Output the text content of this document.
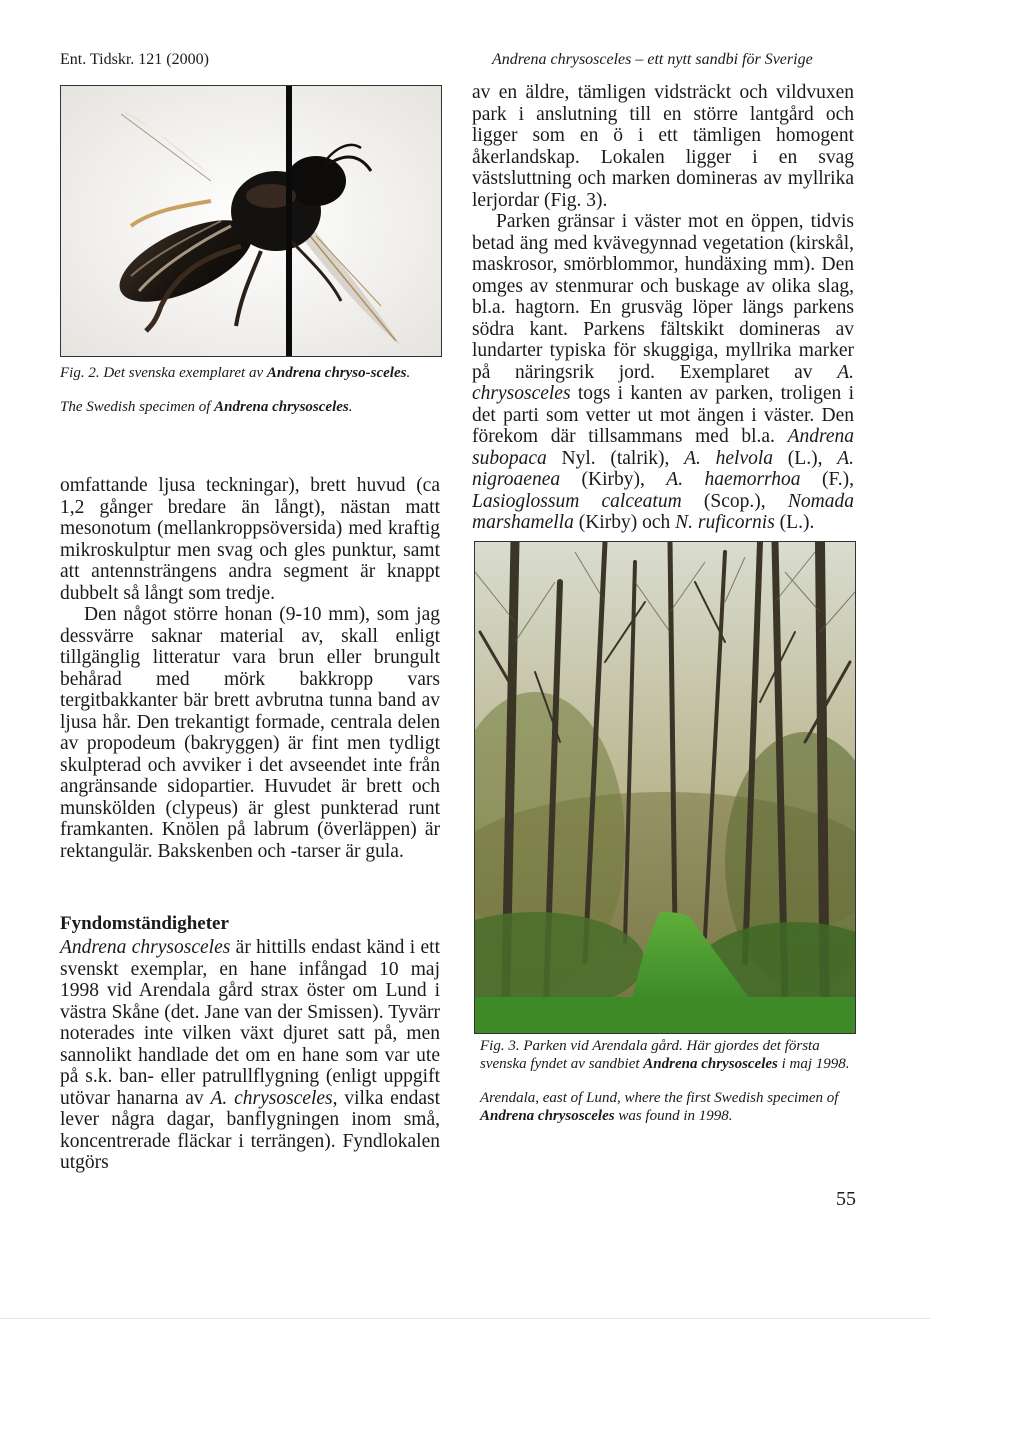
Ent. Tidskr. 121 (2000)	Andrena chrysosceles – ett nytt sandbi för Sverige

Fig. 2. Det svenska exemplaret av Andrena chryso-sceles.

The Swedish specimen of Andrena chrysosceles.

omfattande ljusa teckningar), brett huvud (ca 1,2 gånger bredare än långt), nästan matt mesonotum (mellankroppsöversida) med kraftig mikroskulptur men svag och gles punktur, samt att antennsträngens andra segment är knappt dubbelt så långt som tredje.

Den något större honan (9-10 mm), som jag dessvärre saknar material av, skall enligt tillgänglig litteratur vara brun eller brungult behårad med mörk bakkropp vars tergitbakkanter bär brett avbrutna tunna band av ljusa hår. Den trekantigt formade, centrala delen av propodeum (bakryggen) är fint men tydligt skulpterad och avviker i det avseendet inte från angränsande sidopartier. Huvudet är brett och munskölden (clypeus) är glest punkterad runt framkanten. Knölen på labrum (överläppen) är rektangulär. Bakskenben och -tarser är gula.

Fyndomständigheter

Andrena chrysosceles är hittills endast känd i ett svenskt exemplar, en hane infångad 10 maj 1998 vid Arendala gård strax öster om Lund i västra Skåne (det. Jane van der Smissen). Tyvärr noterades inte vilken växt djuret satt på, men sannolikt handlade det om en hane som var ute på s.k. ban- eller patrullflygning (enligt uppgift utövar hanarna av A. chrysosceles, vilka endast lever några dagar, banflygningen inom små, koncentrerade fläckar i terrängen). Fyndlokalen utgörs

av en äldre, tämligen vidsträckt och vildvuxen park i anslutning till en större lantgård och ligger som en ö i ett tämligen homogent åkerlandskap. Lokalen ligger i en svag västsluttning och marken domineras av myllrika lerjordar (Fig. 3).

Parken gränsar i väster mot en öppen, tidvis betad äng med kvävegynnad vegetation (kirskål, maskrosor, smörblommor, hundäxing mm). Den omges av stenmurar och buskage av olika slag, bl.a. hagtorn. En grusväg löper längs parkens södra kant. Parkens fältskikt domineras av lundarter typiska för skuggiga, myllrika marker på näringsrik jord. Exemplaret av A. chrysosceles togs i kanten av parken, troligen i det parti som vetter ut mot ängen i väster. Den förekom där tillsammans med bl.a. Andrena subopaca Nyl. (talrik), A. helvola (L.), A. nigroaenea (Kirby), A. haemorrhoa (F.), Lasioglossum calceatum (Scop.), Nomada marshamella (Kirby) och N. ruficornis (L.).

Fig. 3. Parken vid Arendala gård. Här gjordes det första svenska fyndet av sandbiet Andrena chrysosceles i maj 1998.

Arendala, east of Lund, where the first Swedish specimen of Andrena chrysosceles was found in 1998.

55
